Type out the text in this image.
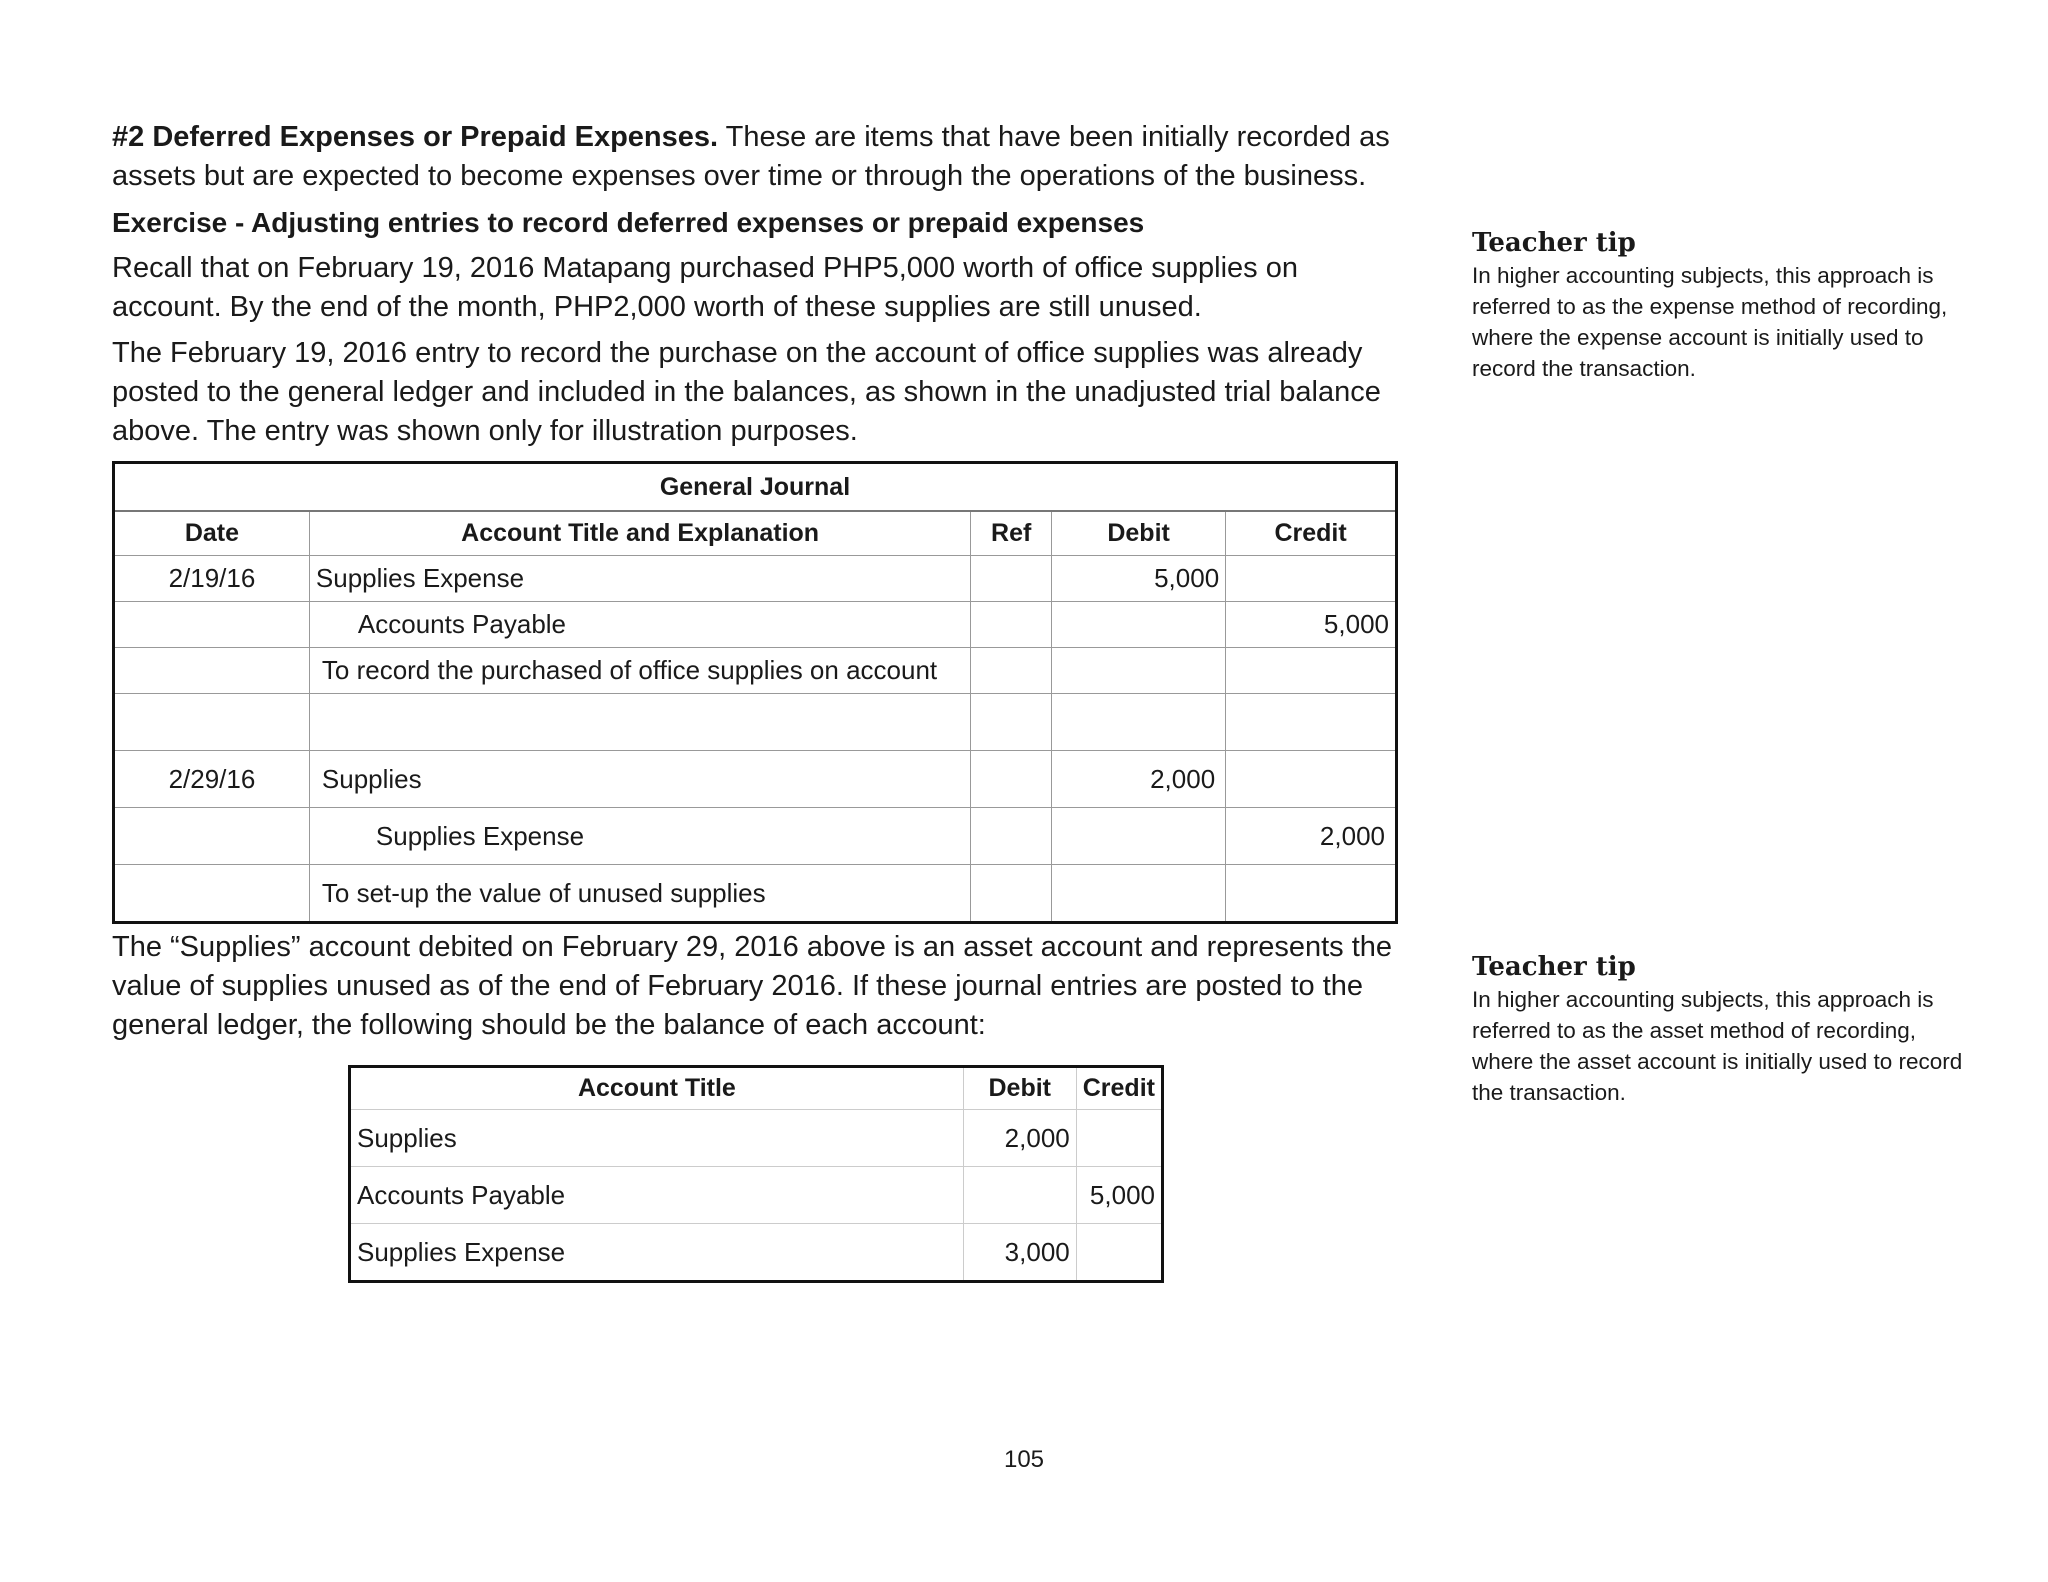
#2 Deferred Expenses or Prepaid Expenses. These are items that have been initially recorded as assets but are expected to become expenses over time or through the operations of the business.

Exercise - Adjusting entries to record deferred expenses or prepaid expenses

Recall that on February 19, 2016 Matapang purchased PHP5,000 worth of office supplies on account. By the end of the month, PHP2,000 worth of these supplies are still unused.

The February 19, 2016 entry to record the purchase on the account of office supplies was already posted to the general ledger and included in the balances, as shown in the unadjusted trial balance above. The entry was shown only for illustration purposes.

General Journal				
Date	Account Title and Explanation	Ref	Debit	Credit
2/19/16	Supplies Expense		5,000	
	Accounts Payable			5,000
	To record the purchased of office supplies on account			

2/29/16	Supplies		2,000	
	Supplies Expense			2,000
	To set-up the value of unused supplies			

The “Supplies” account debited on February 29, 2016 above is an asset account and represents the value of supplies unused as of the end of February 2016. If these journal entries are posted to the general ledger, the following should be the balance of each account:

Account Title	Debit	Credit
Supplies	2,000	
Accounts Payable		5,000
Supplies Expense	3,000	
Teacher tip

In higher accounting subjects, this approach is referred to as the expense method of recording, where the expense account is initially used to record the transaction.

Teacher tip

In higher accounting subjects, this approach is referred to as the asset method of recording, where the asset account is initially used to record the transaction.

105
